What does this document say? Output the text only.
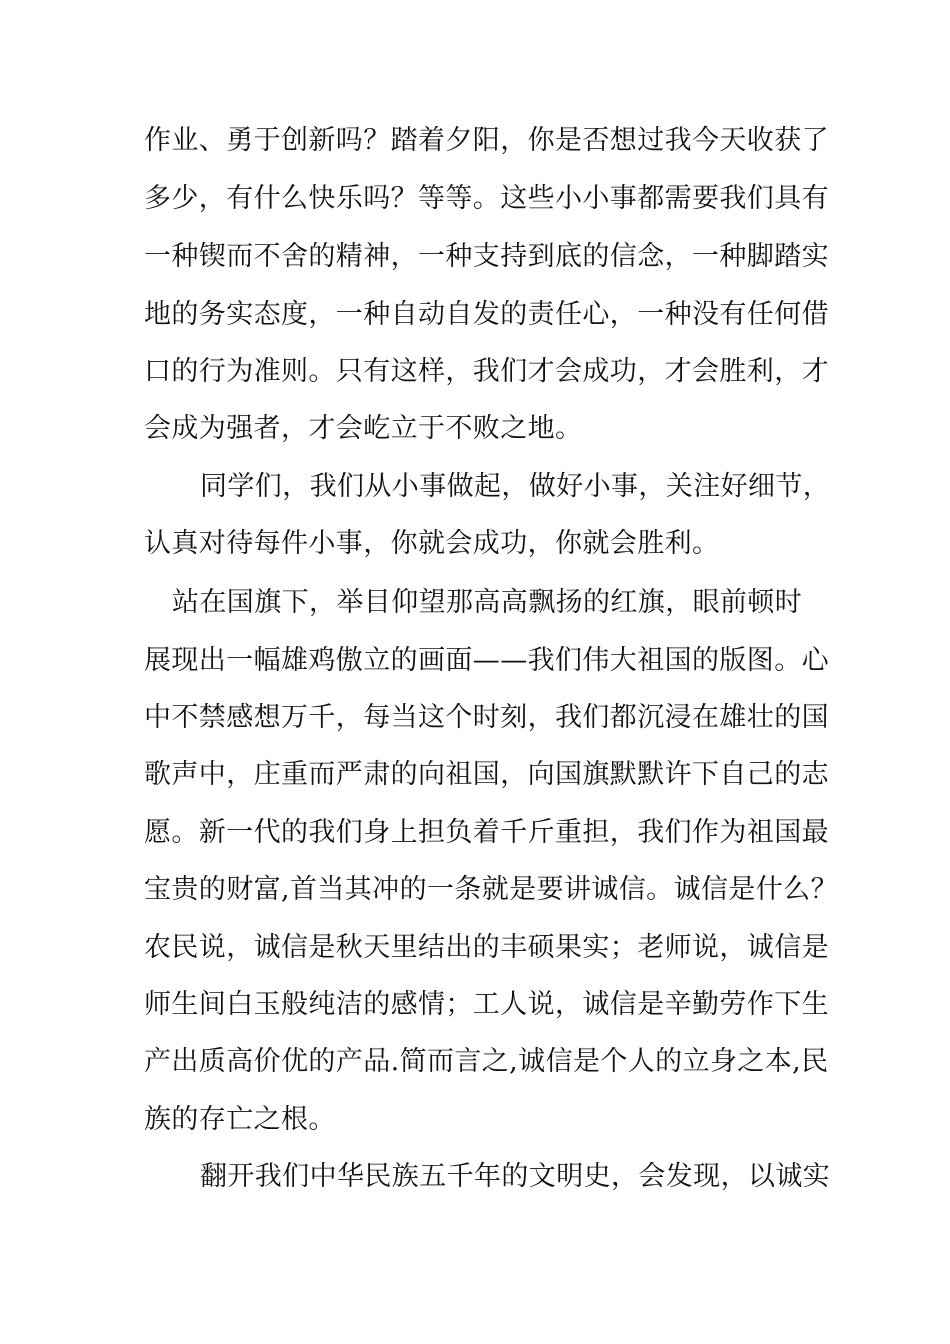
作业、勇于创新吗？踏着夕阳，你是否想过我今天收获了
多少，有什么快乐吗？等等。这些小小事都需要我们具有
一种锲而不舍的精神，一种支持到底的信念，一种脚踏实
地的务实态度，一种自动自发的责任心，一种没有任何借
口的行为准则。只有这样，我们才会成功，才会胜利，才
会成为强者，才会屹立于不败之地。
同学们，我们从小事做起，做好小事，关注好细节，
认真对待每件小事，你就会成功，你就会胜利。
站在国旗下，举目仰望那高高飘扬的红旗，眼前顿时
展现出一幅雄鸡傲立的画面——我们伟大祖国的版图。心
中不禁感想万千，每当这个时刻，我们都沉浸在雄壮的国
歌声中，庄重而严肃的向祖国，向国旗默默许下自己的志
愿。新一代的我们身上担负着千斤重担，我们作为祖国最
宝贵的财富,首当其冲的一条就是要讲诚信。诚信是什么？
农民说，诚信是秋天里结出的丰硕果实；老师说，诚信是
师生间白玉般纯洁的感情；工人说，诚信是辛勤劳作下生
产出质高价优的产品.简而言之,诚信是个人的立身之本,民
族的存亡之根。
翻开我们中华民族五千年的文明史，会发现，以诚实
